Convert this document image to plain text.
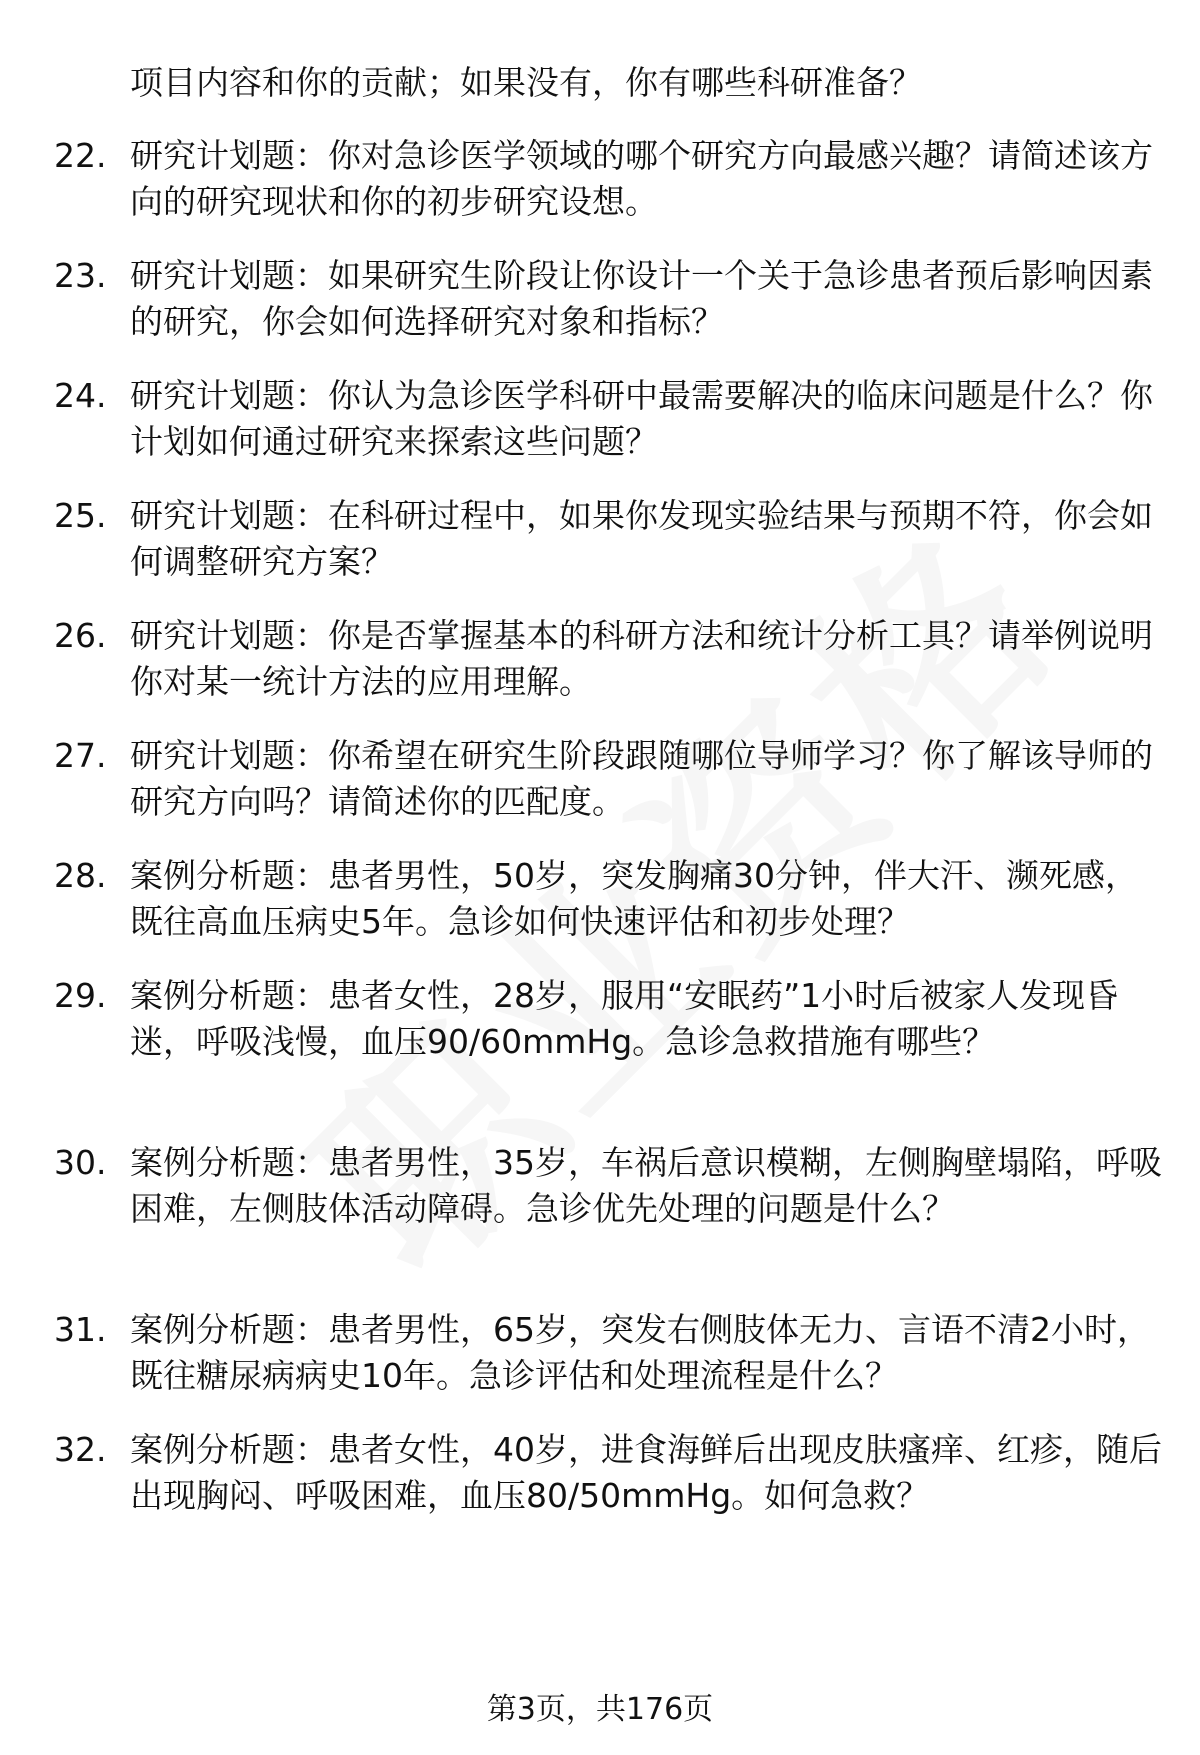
项目内容和你的贡献；如果没有，你有哪些科研准备？
22. 研究计划题：你对急诊医学领域的哪个研究方向最感兴趣？请简述该方向的研究现状和你的初步研究设想。
23. 研究计划题：如果研究生阶段让你设计一个关于急诊患者预后影响因素的研究，你会如何选择研究对象和指标？
24. 研究计划题：你认为急诊医学科研中最需要解决的临床问题是什么？你计划如何通过研究来探索这些问题？
25. 研究计划题：在科研过程中，如果你发现实验结果与预期不符，你会如何调整研究方案？
26. 研究计划题：你是否掌握基本的科研方法和统计分析工具？请举例说明你对某一统计方法的应用理解。
27. 研究计划题：你希望在研究生阶段跟随哪位导师学习？你了解该导师的研究方向吗？请简述你的匹配度。
28. 案例分析题：患者男性，50岁，突发胸痛30分钟，伴大汗、濒死感，既往高血压病史5年。急诊如何快速评估和初步处理？
29. 案例分析题：患者女性，28岁，服用“安眠药”1小时后被家人发现昏迷，呼吸浅慢，血压90/60mmHg。急诊急救措施有哪些？
30. 案例分析题：患者男性，35岁，车祸后意识模糊，左侧胸壁塌陷，呼吸困难，左侧肢体活动障碍。急诊优先处理的问题是什么？
31. 案例分析题：患者男性，65岁，突发右侧肢体无力、言语不清2小时，既往糖尿病病史10年。急诊评估和处理流程是什么？
32. 案例分析题：患者女性，40岁，进食海鲜后出现皮肤瘙痒、红疹，随后出现胸闷、呼吸困难，血压80/50mmHg。如何急救？
第3页，共176页
